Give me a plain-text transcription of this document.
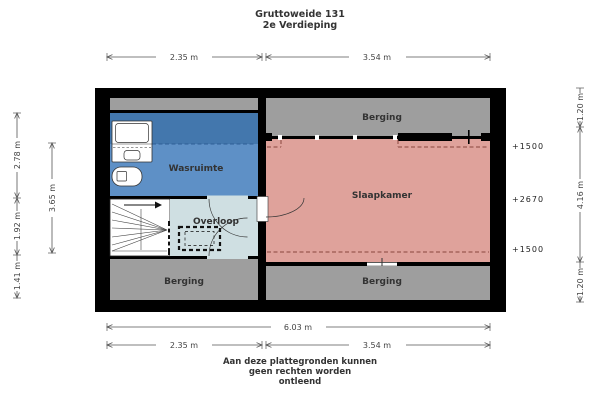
Gruttoweide 131
2e Verdieping
2.35 m	3.54 m
Wasruimte
Overloop
Berging
Berging
Slaapkamer
Berging
+1500
+2670
+1500
2.78 m
1.92 m
1.41 m
3.65 m
1.20 m
4.16 m
1.20 m
6.03 m
2.35 m	3.54 m
Aan deze plattegronden kunnen
geen rechten worden
ontleend
